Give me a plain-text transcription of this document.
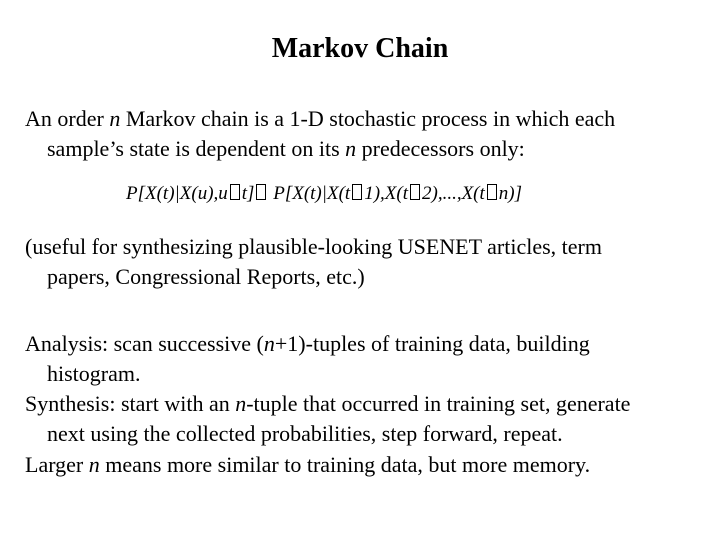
Markov Chain
An order n Markov chain is a 1-D stochastic process in which each
sample’s state is dependent on its n predecessors only:
P[X(t)|X(u),u t] P[X(t)|X(t 1),X(t 2),...,X(t n)]
(useful for synthesizing plausible-looking USENET articles, term
papers, Congressional Reports, etc.)
Analysis: scan successive (n+1)-tuples of training data, building
histogram.
Synthesis: start with an n-tuple that occurred in training set, generate
next using the collected probabilities, step forward, repeat.
Larger n means more similar to training data, but more memory.
